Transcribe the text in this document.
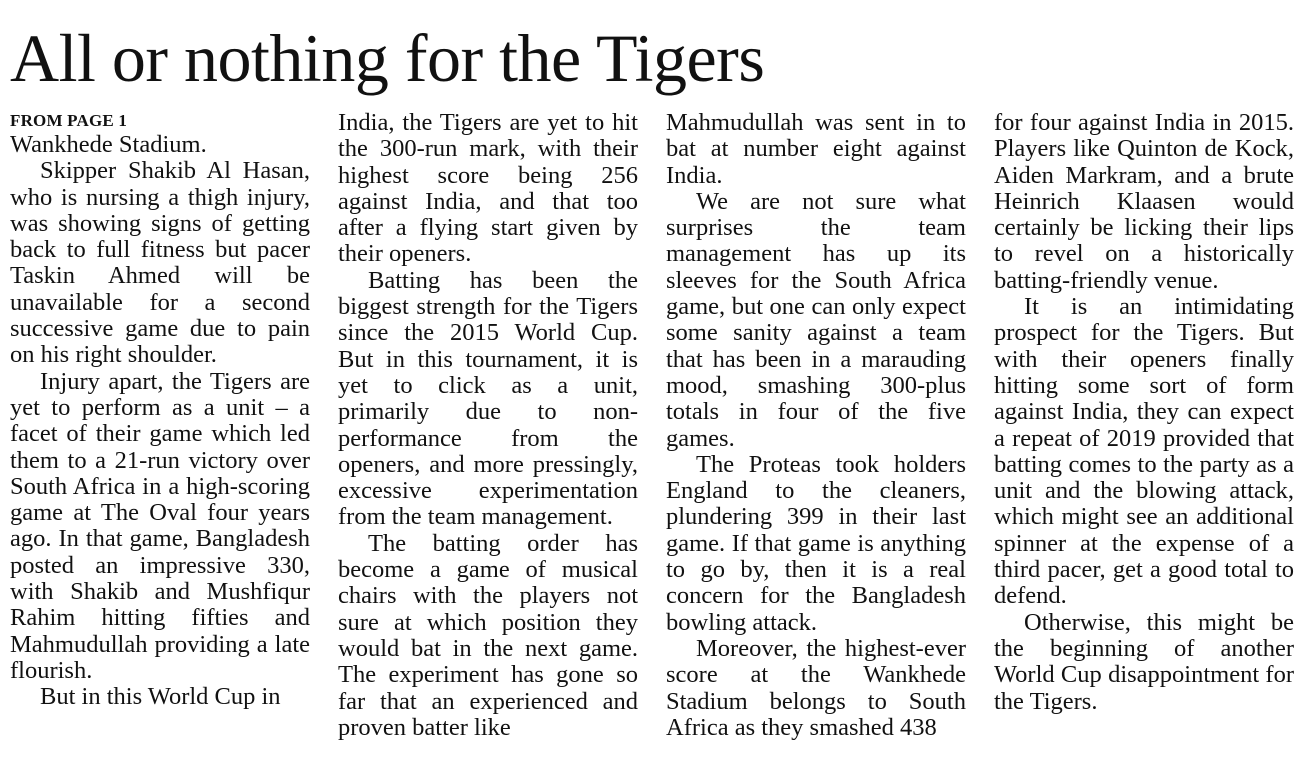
All or nothing for the Tigers
FROM PAGE 1

Wankhede Stadium.

Skipper Shakib Al Hasan, who is nursing a thigh injury, was showing signs of getting back to full fitness but pacer Taskin Ahmed will be unavailable for a second successive game due to pain on his right shoulder.

Injury apart, the Tigers are yet to perform as a unit – a facet of their game which led them to a 21-run victory over South Africa in a high-scoring game at The Oval four years ago. In that game, Bangladesh posted an impressive 330, with Shakib and Mushfiqur Rahim hitting fifties and Mahmudullah providing a late flourish.

But in this World Cup in

India, the Tigers are yet to hit the 300-run mark, with their highest score being 256 against India, and that too after a flying start given by their openers.

Batting has been the biggest strength for the Tigers since the 2015 World Cup. But in this tournament, it is yet to click as a unit, primarily due to non-performance from the openers, and more pressingly, excessive experimentation from the team management.

The batting order has become a game of musical chairs with the players not sure at which position they would bat in the next game. The experiment has gone so far that an experienced and proven batter like

Mahmudullah was sent in to bat at number eight against India.

We are not sure what surprises the team management has up its sleeves for the South Africa game, but one can only expect some sanity against a team that has been in a marauding mood, smashing 300-plus totals in four of the five games.

The Proteas took holders England to the cleaners, plundering 399 in their last game. If that game is anything to go by, then it is a real concern for the Bangladesh bowling attack.

Moreover, the highest-ever score at the Wankhede Stadium belongs to South Africa as they smashed 438

for four against India in 2015. Players like Quinton de Kock, Aiden Markram, and a brute Heinrich Klaasen would certainly be licking their lips to revel on a historically batting-friendly venue.

It is an intimidating prospect for the Tigers. But with their openers finally hitting some sort of form against India, they can expect a repeat of 2019 provided that batting comes to the party as a unit and the blowing attack, which might see an additional spinner at the expense of a third pacer, get a good total to defend.

Otherwise, this might be the beginning of another World Cup disappointment for the Tigers.
